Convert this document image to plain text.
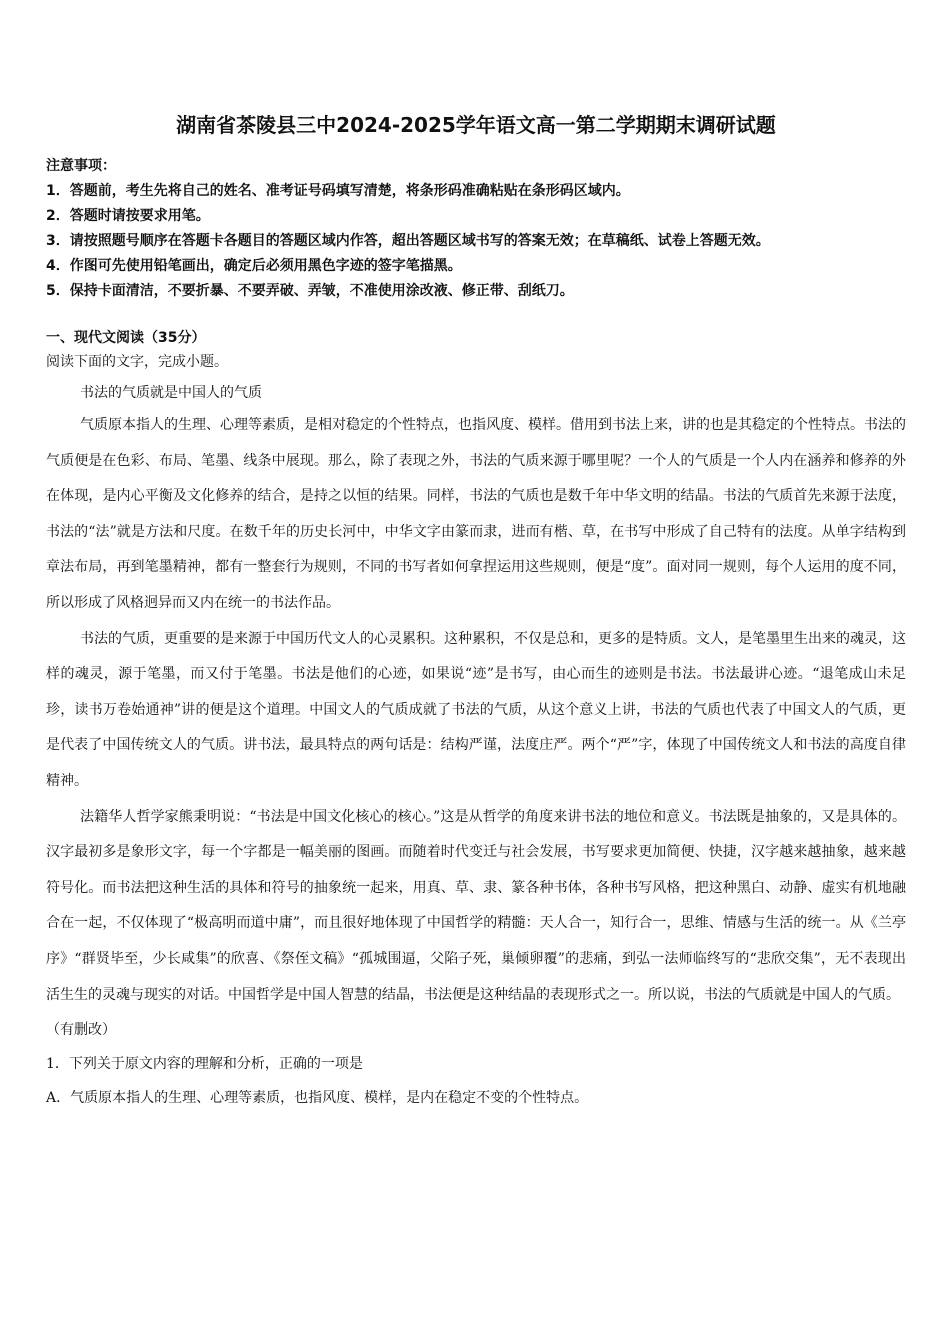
湖南省茶陵县三中2024-2025学年语文高一第二学期期末调研试题
注意事项：
1．答题前，考生先将自己的姓名、准考证号码填写清楚，将条形码准确粘贴在条形码区域内。
2．答题时请按要求用笔。
3．请按照题号顺序在答题卡各题目的答题区域内作答，超出答题区域书写的答案无效；在草稿纸、试卷上答题无效。
4．作图可先使用铅笔画出，确定后必须用黑色字迹的签字笔描黑。
5．保持卡面清洁，不要折暴、不要弄破、弄皱，不准使用涂改液、修正带、刮纸刀。
一、现代文阅读（35分）
阅读下面的文字，完成小题。
书法的气质就是中国人的气质

气质原本指人的生理、心理等素质，是相对稳定的个性特点，也指风度、模样。借用到书法上来，讲的也是其稳定的个性特点。书法的气质便是在色彩、布局、笔墨、线条中展现。那么，除了表现之外，书法的气质来源于哪里呢？一个人的气质是一个人内在涵养和修养的外在体现，是内心平衡及文化修养的结合，是持之以恒的结果。同样，书法的气质也是数千年中华文明的结晶。书法的气质首先来源于法度，书法的“法”就是方法和尺度。在数千年的历史长河中，中华文字由篆而隶，进而有楷、草，在书写中形成了自己特有的法度。从单字结构到章法布局，再到笔墨精神，都有一整套行为规则，不同的书写者如何拿捏运用这些规则，便是“度”。面对同一规则，每个人运用的度不同，所以形成了风格迥异而又内在统一的书法作品。

书法的气质，更重要的是来源于中国历代文人的心灵累积。这种累积，不仅是总和，更多的是特质。文人，是笔墨里生出来的魂灵，这样的魂灵，源于笔墨，而又付于笔墨。书法是他们的心迹，如果说“迹”是书写，由心而生的迹则是书法。书法最讲心迹。“退笔成山未足珍，读书万卷始通神”讲的便是这个道理。中国文人的气质成就了书法的气质，从这个意义上讲，书法的气质也代表了中国文人的气质，更是代表了中国传统文人的气质。讲书法，最具特点的两句话是：结构严谨，法度庄严。两个“严”字，体现了中国传统文人和书法的高度自律精神。

法籍华人哲学家熊秉明说：“书法是中国文化核心的核心。”这是从哲学的角度来讲书法的地位和意义。书法既是抽象的，又是具体的。汉字最初多是象形文字，每一个字都是一幅美丽的图画。而随着时代变迁与社会发展，书写要求更加简便、快捷，汉字越来越抽象，越来越符号化。而书法把这种生活的具体和符号的抽象统一起来，用真、草、隶、篆各种书体，各种书写风格，把这种黑白、动静、虚实有机地融合在一起，不仅体现了“极高明而道中庸”，而且很好地体现了中国哲学的精髓：天人合一，知行合一，思维、情感与生活的统一。从《兰亭序》“群贤毕至，少长咸集”的欣喜、《祭侄文稿》“孤城围逼，父陷子死，巢倾卵覆”的悲痛，到弘一法师临终写的“悲欣交集”，无不表现出活生生的灵魂与现实的对话。中国哲学是中国人智慧的结晶，书法便是这种结晶的表现形式之一。所以说，书法的气质就是中国人的气质。

（有删改）
1．下列关于原文内容的理解和分析，正确的一项是
A．气质原本指人的生理、心理等素质，也指风度、模样，是内在稳定不变的个性特点。
